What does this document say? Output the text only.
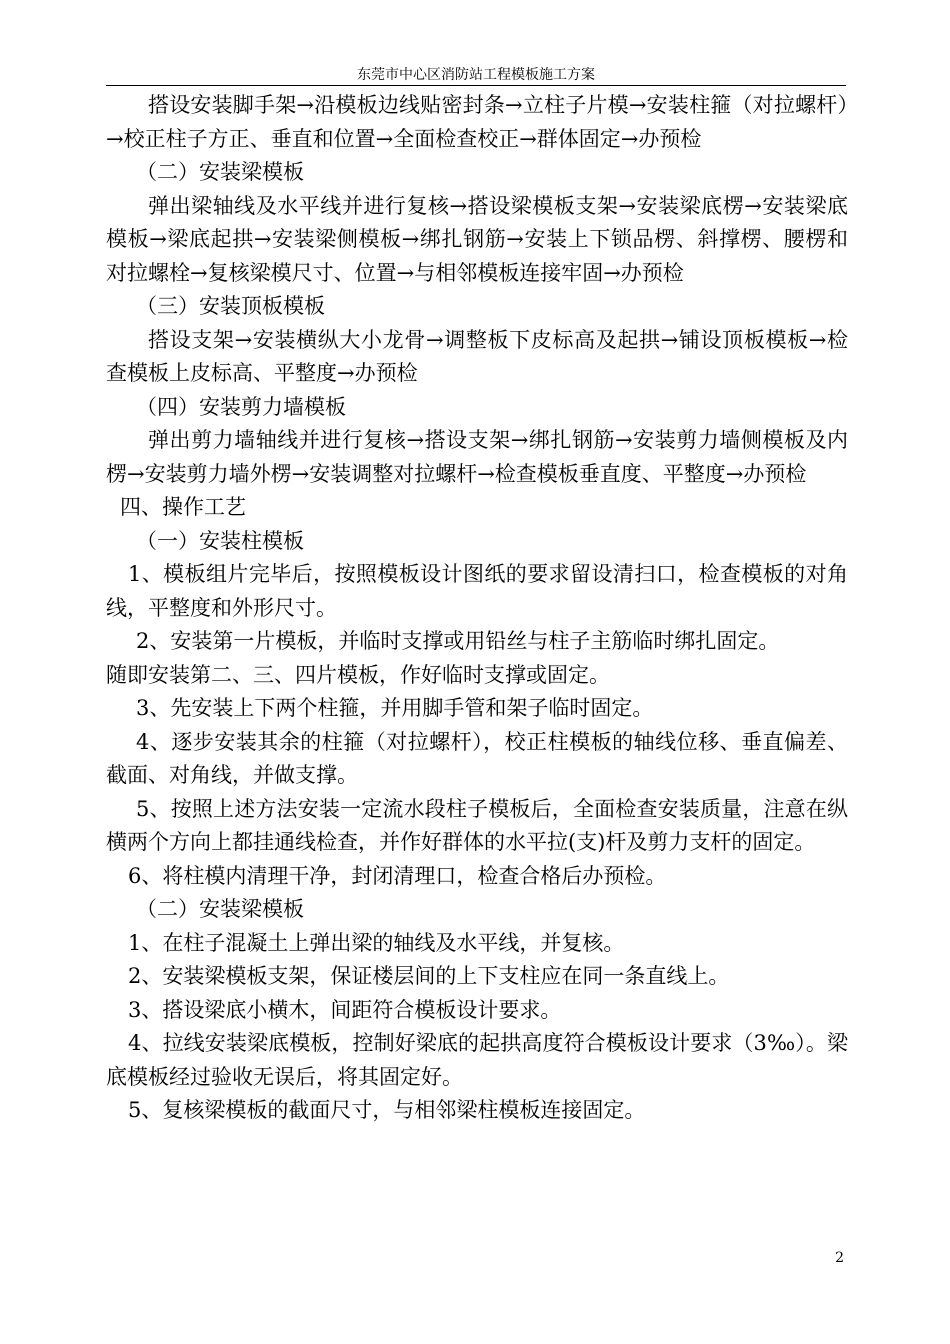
东莞市中心区消防站工程模板施工方案

搭设安装脚手架→沿模板边线贴密封条→立柱子片模→安装柱箍（对拉螺杆）→校正柱子方正、垂直和位置→全面检查校正→群体固定→办预检

（二）安装梁模板

弹出梁轴线及水平线并进行复核→搭设梁模板支架→安装梁底楞→安装梁底模板→梁底起拱→安装梁侧模板→绑扎钢筋→安装上下锁品楞、斜撑楞、腰楞和对拉螺栓→复核梁模尺寸、位置→与相邻模板连接牢固→办预检

（三）安装顶板模板

搭设支架→安装横纵大小龙骨→调整板下皮标高及起拱→铺设顶板模板→检查模板上皮标高、平整度→办预检

（四）安装剪力墙模板

弹出剪力墙轴线并进行复核→搭设支架→绑扎钢筋→安装剪力墙侧模板及内楞→安装剪力墙外楞→安装调整对拉螺杆→检查模板垂直度、平整度→办预检

四、操作工艺

（一）安装柱模板

1、模板组片完毕后，按照模板设计图纸的要求留设清扫口，检查模板的对角线，平整度和外形尺寸。

2、安装第一片模板，并临时支撑或用铅丝与柱子主筋临时绑扎固定。

随即安装第二、三、四片模板，作好临时支撑或固定。

3、先安装上下两个柱箍，并用脚手管和架子临时固定。

4、逐步安装其余的柱箍（对拉螺杆），校正柱模板的轴线位移、垂直偏差、截面、对角线，并做支撑。

5、按照上述方法安装一定流水段柱子模板后，全面检查安装质量，注意在纵横两个方向上都挂通线检查，并作好群体的水平拉(支)杆及剪力支杆的固定。

6、将柱模内清理干净，封闭清理口，检查合格后办预检。

（二）安装梁模板

1、在柱子混凝土上弹出梁的轴线及水平线，并复核。

2、安装梁模板支架，保证楼层间的上下支柱应在同一条直线上。

3、搭设梁底小横木，间距符合模板设计要求。

4、拉线安装梁底模板，控制好梁底的起拱高度符合模板设计要求（3‰）。梁底模板经过验收无误后，将其固定好。

5、复核梁模板的截面尺寸，与相邻梁柱模板连接固定。

2
